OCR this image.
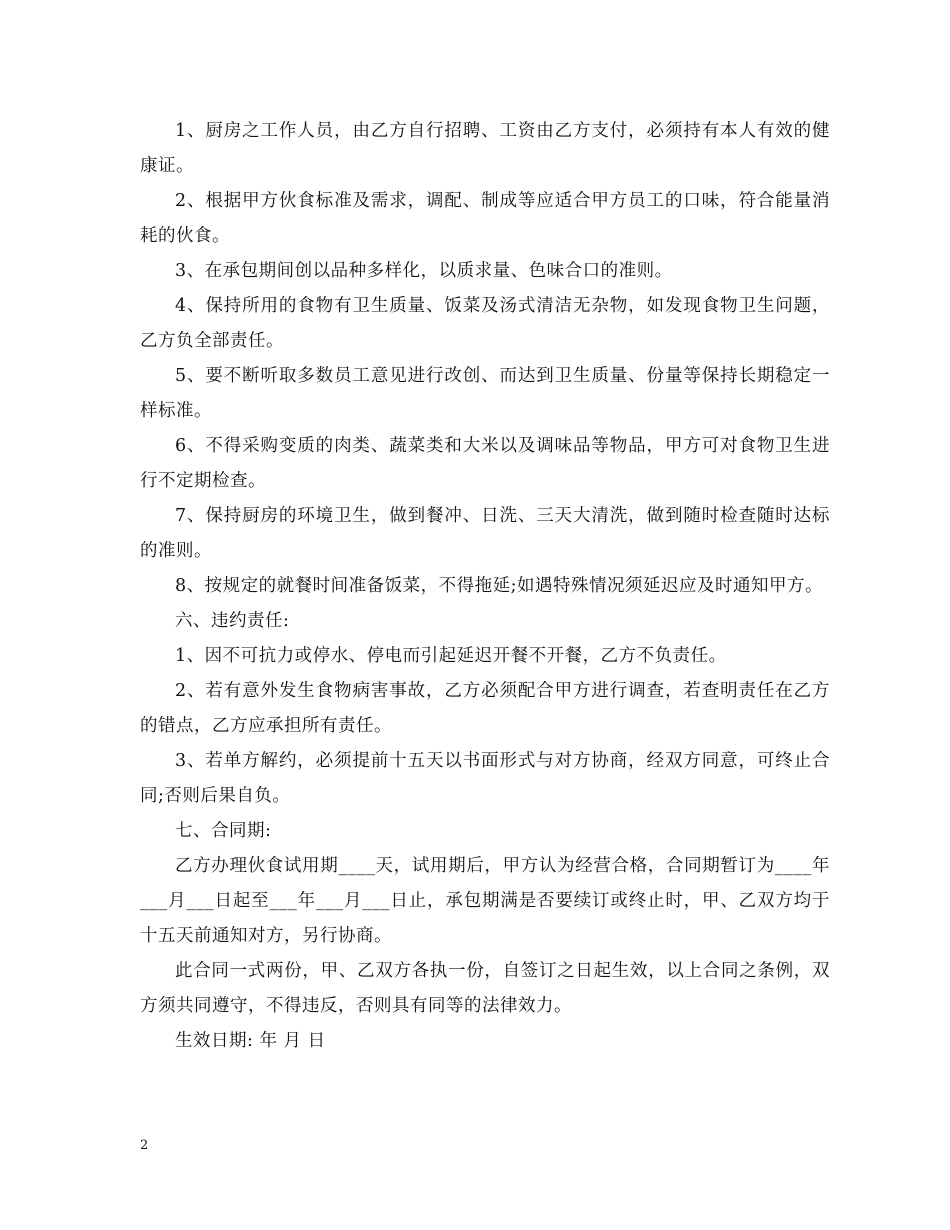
1、厨房之工作人员，由乙方自行招聘、工资由乙方支付，必须持有本人有效的健康证。

2、根据甲方伙食标准及需求，调配、制成等应适合甲方员工的口味，符合能量消耗的伙食。

3、在承包期间创以品种多样化，以质求量、色味合口的准则。

4、保持所用的食物有卫生质量、饭菜及汤式清洁无杂物，如发现食物卫生问题，乙方负全部责任。

5、要不断听取多数员工意见进行改创、而达到卫生质量、份量等保持长期稳定一样标准。

6、不得采购变质的肉类、蔬菜类和大米以及调味品等物品，甲方可对食物卫生进行不定期检查。

7、保持厨房的环境卫生，做到餐冲、日洗、三天大清洗，做到随时检查随时达标的准则。

8、按规定的就餐时间准备饭菜，不得拖延;如遇特殊情况须延迟应及时通知甲方。

六、违约责任:

1、因不可抗力或停水、停电而引起延迟开餐不开餐，乙方不负责任。

2、若有意外发生食物病害事故，乙方必须配合甲方进行调查，若查明责任在乙方的错点，乙方应承担所有责任。

3、若单方解约，必须提前十五天以书面形式与对方协商，经双方同意，可终止合同;否则后果自负。

七、合同期:

乙方办理伙食试用期____天，试用期后，甲方认为经营合格，合同期暂订为____年___月___日起至___年___月___日止，承包期满是否要续订或终止时，甲、乙双方均于十五天前通知对方，另行协商。

此合同一式两份，甲、乙双方各执一份，自签订之日起生效，以上合同之条例，双方须共同遵守，不得违反，否则具有同等的法律效力。

生效日期: 年 月 日

2
